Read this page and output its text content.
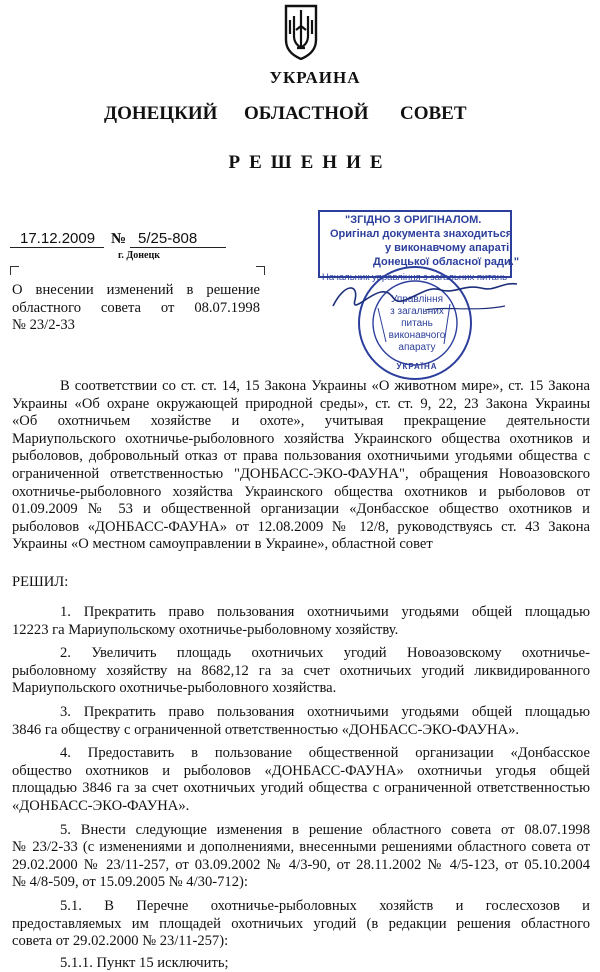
УКРАИНА
ДОНЕЦКИЙ ОБЛАСТНОЙ СОВЕТ
РЕШЕНИЕ
17.12.2009	№ 5/25-808
г. Донецк
"ЗГІДНО З ОРИГІНАЛОМ.
Оригінал документа знаходиться
у виконавчому апараті
Донецької обласної ради."
Начальник управління з загальних питань
Управління
з загальних
питань
виконавчого
апарату
УКРАЇНА
О внесении изменений в решение
областного совета от 08.07.1998
№ 23/2-33
В соответствии со ст. ст. 14, 15 Закона Украины «О животном мире», ст. 15 Закона
Украины «Об охране окружающей природной среды», ст. ст. 9, 22, 23 Закона Украины
«Об охотничьем хозяйстве и охоте», учитывая прекращение деятельности
Мариупольского охотничье-рыболовного хозяйства Украинского общества охотников и
рыболовов, добровольный отказ от права пользования охотничьими угодьями общества с
ограниченной ответственностью "ДОНБАСС-ЭКО-ФАУНА", обращения Новоазовского
охотничье-рыболовного хозяйства Украинского общества охотников и рыболовов от
01.09.2009 № 53 и общественной организации «Донбасское общество охотников и
рыболовов «ДОНБАСС-ФАУНА» от 12.08.2009 № 12/8, руководствуясь ст. 43 Закона
Украины «О местном самоуправлении в Украине», областной совет
РЕШИЛ:
1. Прекратить право пользования охотничьими угодьями общей площадью
12223 га Мариупольскому охотничье-рыболовному хозяйству.
2. Увеличить площадь охотничьих угодий Новоазовскому охотничье-
рыболовному хозяйству на 8682,12 га за счет охотничьих угодий ликвидированного
Мариупольского охотничье-рыболовного хозяйства.
3. Прекратить право пользования охотничьими угодьями общей площадью
3846 га обществу с ограниченной ответственностью «ДОНБАСС-ЭКО-ФАУНА».
4. Предоставить в пользование общественной организации «Донбасское
общество охотников и рыболовов «ДОНБАСС-ФАУНА» охотничьи угодья общей
площадью 3846 га за счет охотничьих угодий общества с ограниченной ответственностью
«ДОНБАСС-ЭКО-ФАУНА».
5. Внести следующие изменения в решение областного совета от 08.07.1998
№ 23/2-33 (с изменениями и дополнениями, внесенными решениями областного совета от
29.02.2000 № 23/11-257, от 03.09.2002 № 4/3-90, от 28.11.2002 № 4/5-123, от 05.10.2004
№ 4/8-509, от 15.09.2005 № 4/30-712):
5.1. В Перечне охотничье-рыболовных хозяйств и гослесхозов и
предоставляемых им площадей охотничьих угодий (в редакции решения областного
совета от 29.02.2000 № 23/11-257):
5.1.1. Пункт 15 исключить;
